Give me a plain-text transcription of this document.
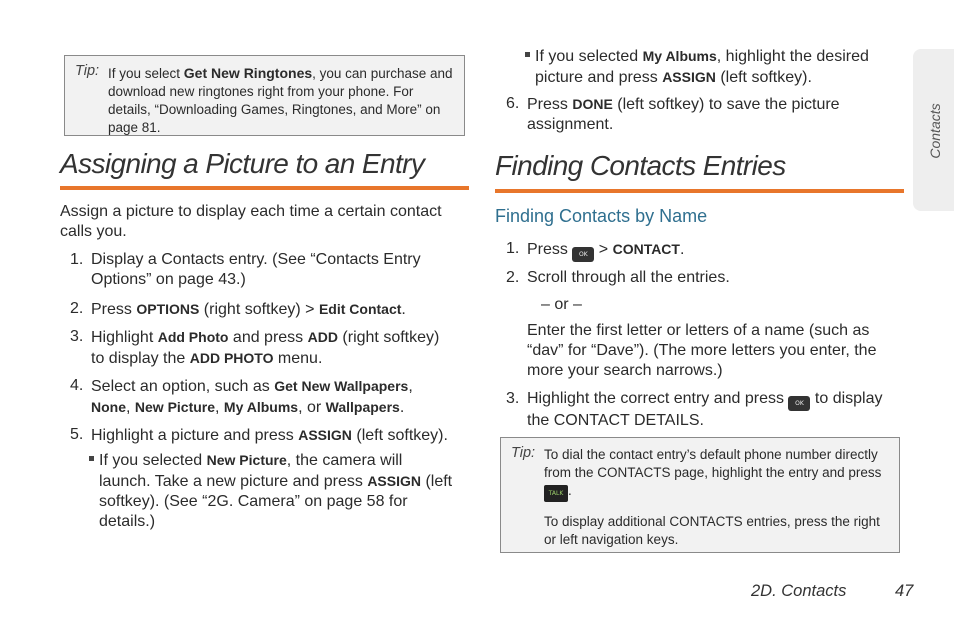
Tip: If you select Get New Ringtones, you can purchase and download new ringtones right from your phone. For details, “Downloading Games, Ringtones, and More” on page 81.

Assigning a Picture to an Entry

Assign a picture to display each time a certain contact calls you.

1. Display a Contacts entry. (See “Contacts Entry
Options” on page 43.)
2. Press OPTIONS (right softkey) > Edit Contact.
3. Highlight Add Photo and press ADD (right softkey)
to display the ADD PHOTO menu.
4. Select an option, such as Get New Wallpapers,
None, New Picture, My Albums, or Wallpapers.
5. Highlight a picture and press ASSIGN (left softkey).
If you selected New Picture, the camera will
launch. Take a new picture and press ASSIGN (left
softkey). (See “2G. Camera” on page 58 for
details.)
If you selected My Albums, highlight the desired
picture and press ASSIGN (left softkey).
6. Press DONE (left softkey) to save the picture
assignment.
Finding Contacts Entries
Finding Contacts by Name
1. Press OK > CONTACT.
2. Scroll through all the entries.
– or –
Enter the first letter or letters of a name (such as
“dav” for “Dave”). (The more letters you enter, the
more your search narrows.)
3. Highlight the correct entry and press OK to display
the CONTACT DETAILS.
Tip: To dial the contact entry’s default phone number directly
from the CONTACTS page, highlight the entry and press
TALK .

To display additional CONTACTS entries, press the right
or left navigation keys.

Contacts
2D. Contacts	47
